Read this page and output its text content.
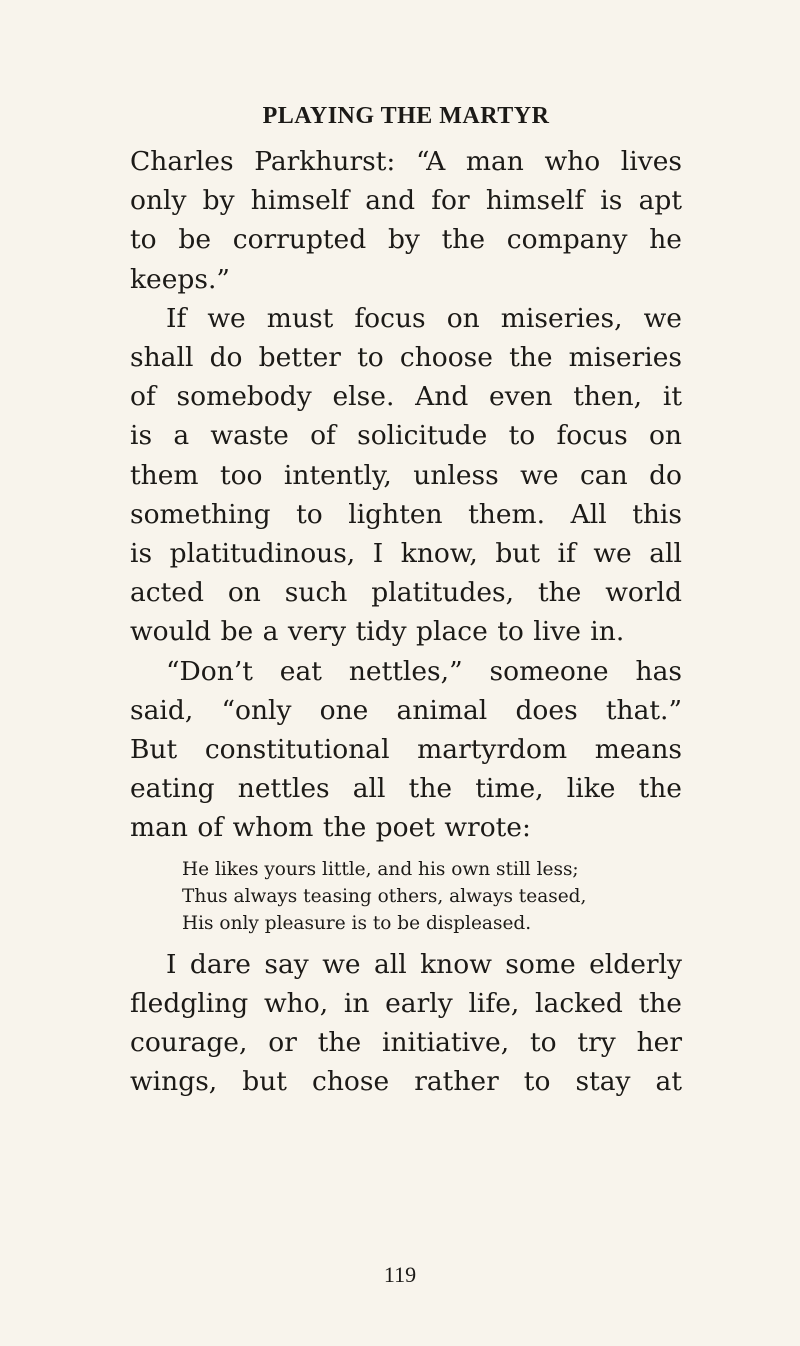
PLAYING THE MARTYR

Charles Parkhurst: “A man who lives
only by himself and for himself is apt
to be corrupted by the company he
keeps.”

If we must focus on miseries, we
shall do better to choose the miseries
of somebody else. And even then, it
is a waste of solicitude to focus on
them too intently, unless we can do
something to lighten them. All this
is platitudinous, I know, but if we all
acted on such platitudes, the world
would be a very tidy place to live in.

“Don’t eat nettles,” someone has
said, “only one animal does that.”
But constitutional martyrdom means
eating nettles all the time, like the
man of whom the poet wrote:

He likes yours little, and his own still less;
Thus always teasing others, always teased,
His only pleasure is to be displeased.

I dare say we all know some elderly
fledgling who, in early life, lacked the
courage, or the initiative, to try her
wings, but chose rather to stay at

119
